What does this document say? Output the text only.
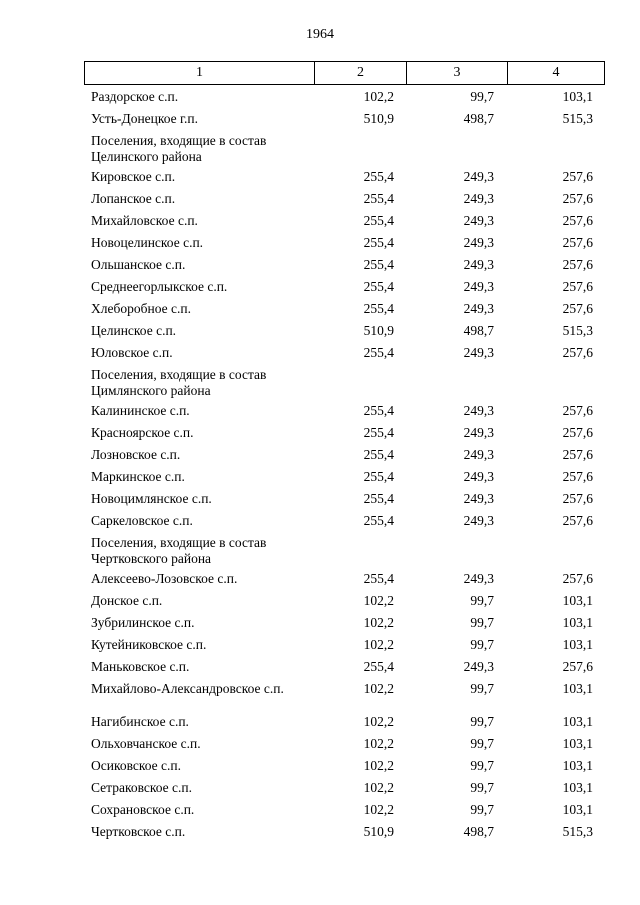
1964
1	2	3	4
Раздорское с.п.	102,2	99,7	103,1
Усть-Донецкое г.п.	510,9	498,7	515,3
Поселения, входящие в состав Целинского района
Кировское с.п.	255,4	249,3	257,6
Лопанское с.п.	255,4	249,3	257,6
Михайловское с.п.	255,4	249,3	257,6
Новоцелинское с.п.	255,4	249,3	257,6
Ольшанское с.п.	255,4	249,3	257,6
Среднеегорлыкское с.п.	255,4	249,3	257,6
Хлеборобное с.п.	255,4	249,3	257,6
Целинское с.п.	510,9	498,7	515,3
Юловское с.п.	255,4	249,3	257,6
Поселения, входящие в состав Цимлянского района
Калининское с.п.	255,4	249,3	257,6
Красноярское с.п.	255,4	249,3	257,6
Лозновское с.п.	255,4	249,3	257,6
Маркинское с.п.	255,4	249,3	257,6
Новоцимлянское с.п.	255,4	249,3	257,6
Саркеловское с.п.	255,4	249,3	257,6
Поселения, входящие в состав Чертковского района
Алексеево-Лозовское с.п.	255,4	249,3	257,6
Донское с.п.	102,2	99,7	103,1
Зубрилинское с.п.	102,2	99,7	103,1
Кутейниковское с.п.	102,2	99,7	103,1
Маньковское с.п.	255,4	249,3	257,6
Михайлово-Александровское с.п.	102,2	99,7	103,1
Нагибинское с.п.	102,2	99,7	103,1
Ольховчанское с.п.	102,2	99,7	103,1
Осиковское с.п.	102,2	99,7	103,1
Сетраковское с.п.	102,2	99,7	103,1
Сохрановское с.п.	102,2	99,7	103,1
Чертковское с.п.	510,9	498,7	515,3
